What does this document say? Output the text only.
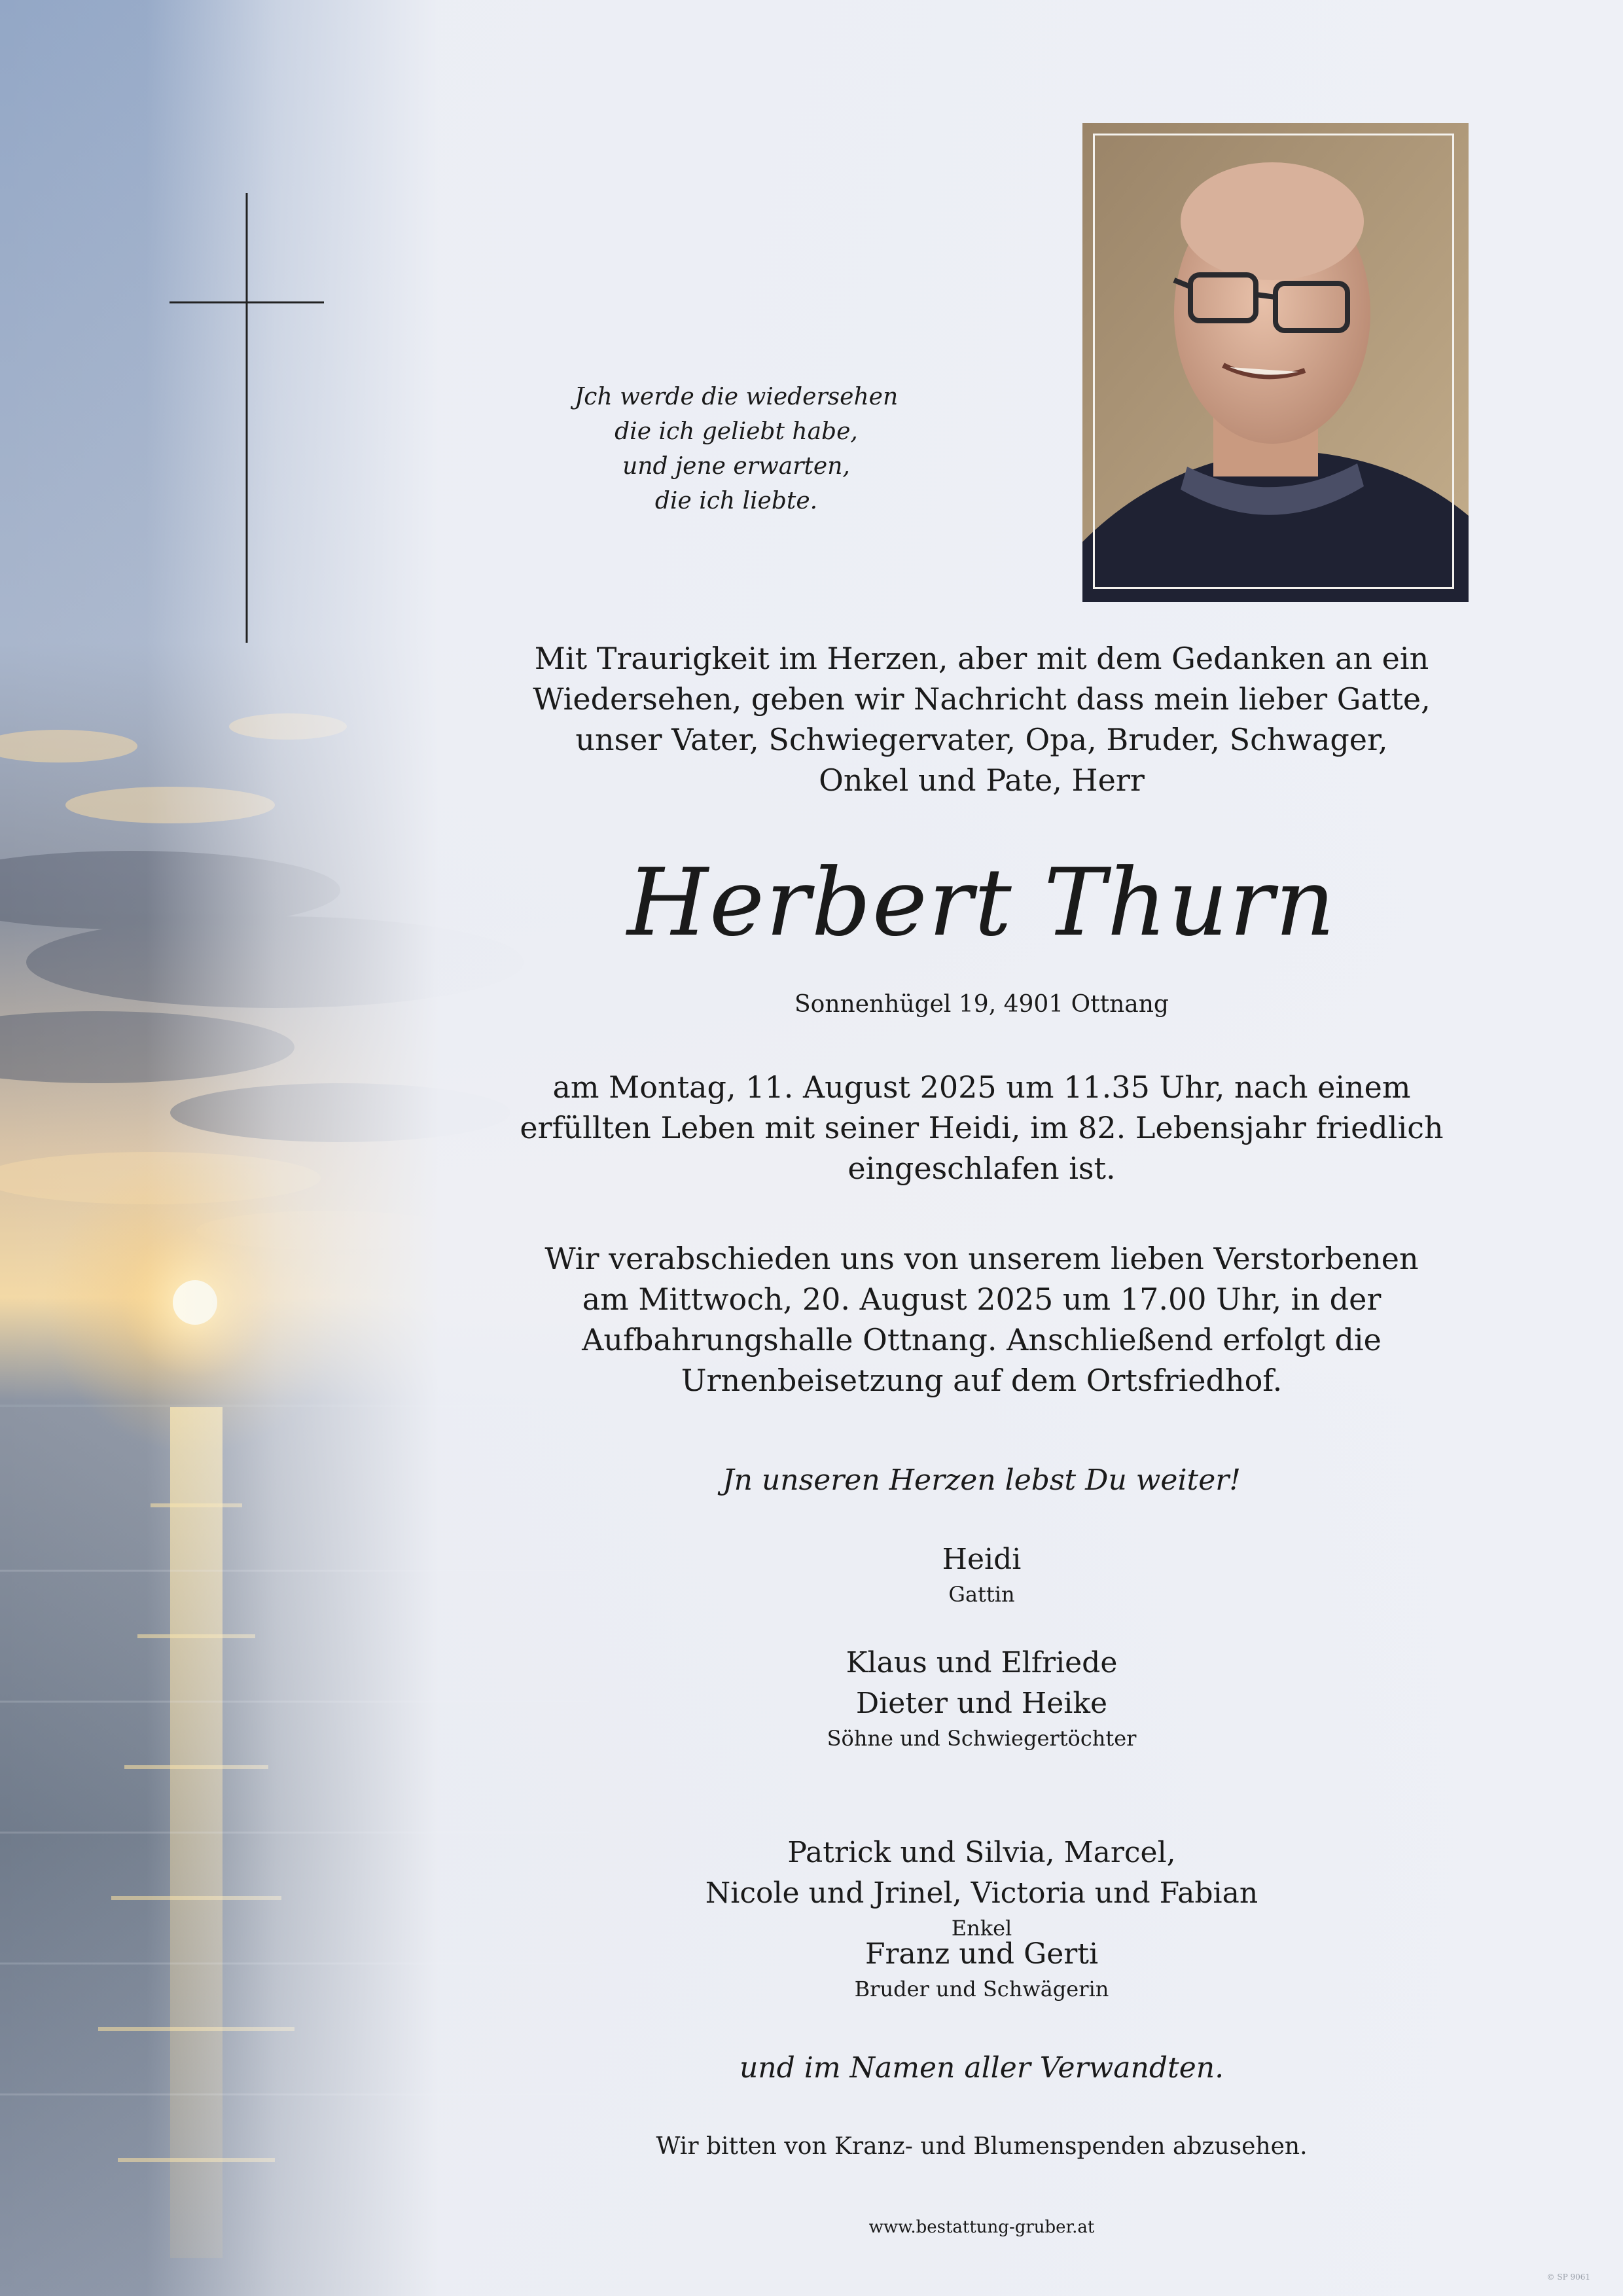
Jch werde die wiedersehen
die ich geliebt habe,
und jene erwarten,
die ich liebte.
Mit Traurigkeit im Herzen, aber mit dem Gedanken an ein
Wiedersehen, geben wir Nachricht dass mein lieber Gatte,
unser Vater, Schwiegervater, Opa, Bruder, Schwager,
Onkel und Pate, Herr
Herbert Thurn
Sonnenhügel 19, 4901 Ottnang
am Montag, 11. August 2025 um 11.35 Uhr, nach einem
erfüllten Leben mit seiner Heidi, im 82. Lebensjahr friedlich
eingeschlafen ist.
Wir verabschieden uns von unserem lieben Verstorbenen
am Mittwoch, 20. August 2025 um 17.00 Uhr, in der
Aufbahrungshalle Ottnang. Anschließend erfolgt die
Urnenbeisetzung auf dem Ortsfriedhof.
Jn unseren Herzen lebst Du weiter!
Heidi
Gattin
Klaus und Elfriede
Dieter und Heike
Söhne und Schwiegertöchter
Patrick und Silvia, Marcel,
Nicole und Jrinel, Victoria und Fabian
Enkel
Franz und Gerti
Bruder und Schwägerin
und im Namen aller Verwandten.
Wir bitten von Kranz- und Blumenspenden abzusehen.
www.bestattung-gruber.at

© SP 9061
